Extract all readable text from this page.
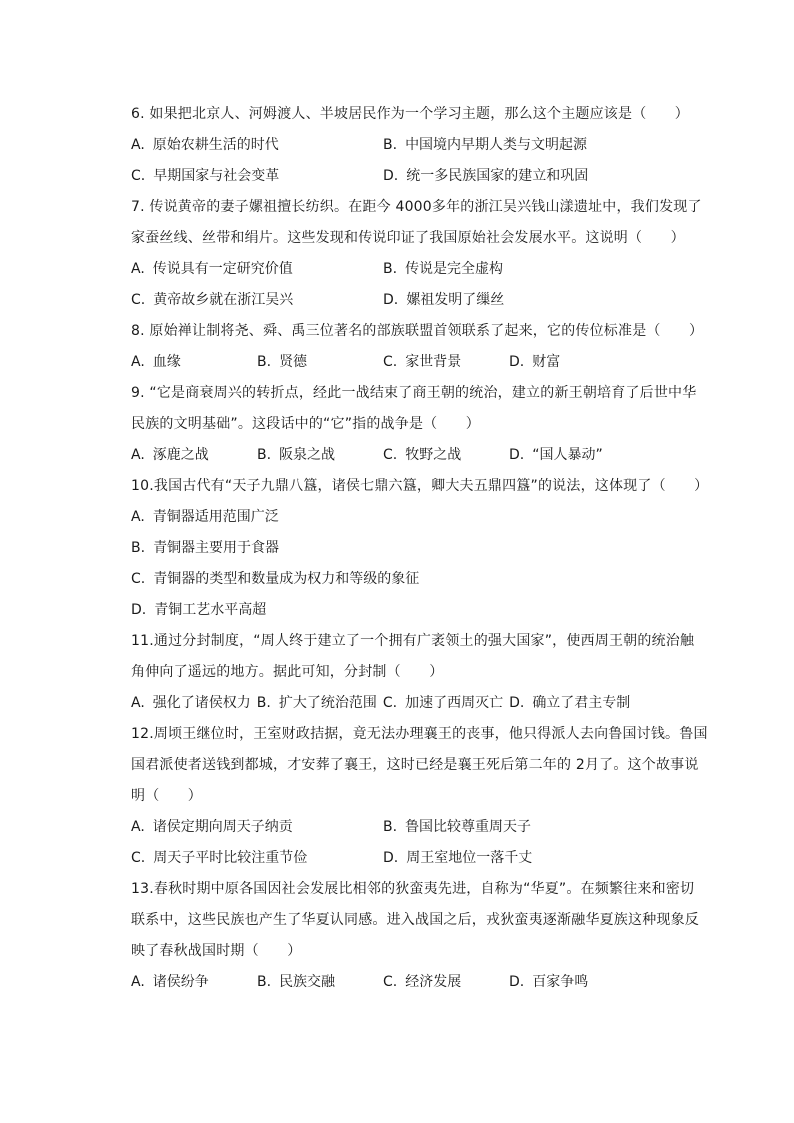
6. 如果把北京人、河姆渡人、半坡居民作为一个学习主题，那么这个主题应该是（　　）
A. 原始农耕生活的时代	B. 中国境内早期人类与文明起源
C. 早期国家与社会变革	D. 统一多民族国家的建立和巩固
7. 传说黄帝的妻子嫘祖擅长纺织。在距今 4000多年的浙江吴兴钱山漾遗址中，我们发现了
家蚕丝线、丝带和绢片。这些发现和传说印证了我国原始社会发展水平。这说明（　　）
A. 传说具有一定研究价值	B. 传说是完全虚构
C. 黄帝故乡就在浙江吴兴	D. 嫘祖发明了缫丝
8. 原始禅让制将尧、舜、禹三位著名的部族联盟首领联系了起来，它的传位标准是（　　）
A. 血缘	B. 贤德	C. 家世背景	D. 财富
9. “它是商衰周兴的转折点，经此一战结束了商王朝的统治，建立的新王朝培育了后世中华
民族的文明基础”。这段话中的“它”指的战争是（　　）
A. 涿鹿之战	B. 阪泉之战	C. 牧野之战	D. “国人暴动”
10.我国古代有“天子九鼎八簋，诸侯七鼎六簋，卿大夫五鼎四簋”的说法，这体现了（　　）
A. 青铜器适用范围广泛
B. 青铜器主要用于食器
C. 青铜器的类型和数量成为权力和等级的象征
D. 青铜工艺水平高超
11.通过分封制度，“周人终于建立了一个拥有广袤领土的强大国家”，使西周王朝的统治触
角伸向了遥远的地方。据此可知，分封制（　　）
A. 强化了诸侯权力 B. 扩大了统治范围 C. 加速了西周灭亡 D. 确立了君主专制
12.周顷王继位时，王室财政拮据，竟无法办理襄王的丧事，他只得派人去向鲁国讨钱。鲁国
国君派使者送钱到都城，才安葬了襄王，这时已经是襄王死后第二年的 2月了。这个故事说
明（　　）
A. 诸侯定期向周天子纳贡	B. 鲁国比较尊重周天子
C. 周天子平时比较注重节俭	D. 周王室地位一落千丈
13.春秋时期中原各国因社会发展比相邻的狄蛮夷先进，自称为“华夏”。在频繁往来和密切
联系中，这些民族也产生了华夏认同感。进入战国之后，戎狄蛮夷逐渐融华夏族这种现象反
映了春秋战国时期（　　）
A. 诸侯纷争	B. 民族交融	C. 经济发展	D. 百家争鸣
